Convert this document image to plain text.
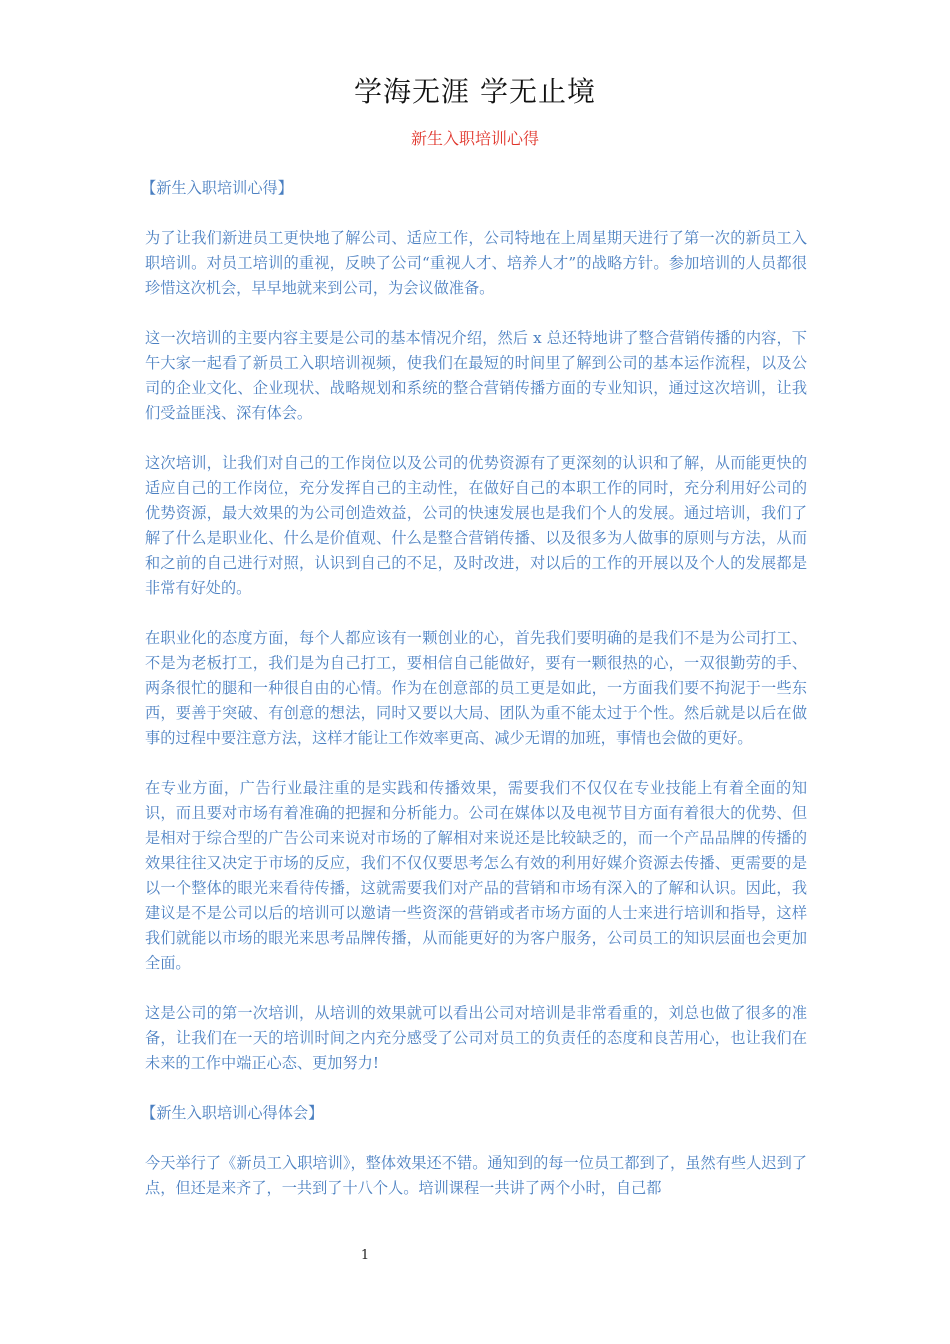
学海无涯 学无止境
新生入职培训心得

【新生入职培训心得】

为了让我们新进员工更快地了解公司、适应工作，公司特地在上周星期天进行了第一次的新员工入职培训。对员工培训的重视，反映了公司“重视人才、培养人才”的战略方针。参加培训的人员都很珍惜这次机会，早早地就来到公司，为会议做准备。

这一次培训的主要内容主要是公司的基本情况介绍，然后 x 总还特地讲了整合营销传播的内容，下午大家一起看了新员工入职培训视频，使我们在最短的时间里了解到公司的基本运作流程，以及公司的企业文化、企业现状、战略规划和系统的整合营销传播方面的专业知识，通过这次培训，让我们受益匪浅、深有体会。

这次培训，让我们对自己的工作岗位以及公司的优势资源有了更深刻的认识和了解，从而能更快的适应自己的工作岗位，充分发挥自己的主动性，在做好自己的本职工作的同时，充分利用好公司的优势资源，最大效果的为公司创造效益，公司的快速发展也是我们个人的发展。通过培训，我们了解了什么是职业化、什么是价值观、什么是整合营销传播、以及很多为人做事的原则与方法，从而和之前的自己进行对照，认识到自己的不足，及时改进，对以后的工作的开展以及个人的发展都是非常有好处的。

在职业化的态度方面，每个人都应该有一颗创业的心，首先我们要明确的是我们不是为公司打工、不是为老板打工，我们是为自己打工，要相信自己能做好，要有一颗很热的心，一双很勤劳的手、两条很忙的腿和一种很自由的心情。作为在创意部的员工更是如此，一方面我们要不拘泥于一些东西，要善于突破、有创意的想法，同时又要以大局、团队为重不能太过于个性。然后就是以后在做事的过程中要注意方法，这样才能让工作效率更高、减少无谓的加班，事情也会做的更好。

在专业方面，广告行业最注重的是实践和传播效果，需要我们不仅仅在专业技能上有着全面的知识，而且要对市场有着准确的把握和分析能力。公司在媒体以及电视节目方面有着很大的优势、但是相对于综合型的广告公司来说对市场的了解相对来说还是比较缺乏的，而一个产品品牌的传播的效果往往又决定于市场的反应，我们不仅仅要思考怎么有效的利用好媒介资源去传播、更需要的是以一个整体的眼光来看待传播，这就需要我们对产品的营销和市场有深入的了解和认识。因此，我建议是不是公司以后的培训可以邀请一些资深的营销或者市场方面的人士来进行培训和指导，这样我们就能以市场的眼光来思考品牌传播，从而能更好的为客户服务，公司员工的知识层面也会更加全面。

这是公司的第一次培训，从培训的效果就可以看出公司对培训是非常看重的，刘总也做了很多的准备，让我们在一天的培训时间之内充分感受了公司对员工的负责任的态度和良苦用心，也让我们在未来的工作中端正心态、更加努力!

【新生入职培训心得体会】

今天举行了《新员工入职培训》，整体效果还不错。通知到的每一位员工都到了，虽然有些人迟到了点，但还是来齐了，一共到了十八个人。培训课程一共讲了两个小时，自己都

1
